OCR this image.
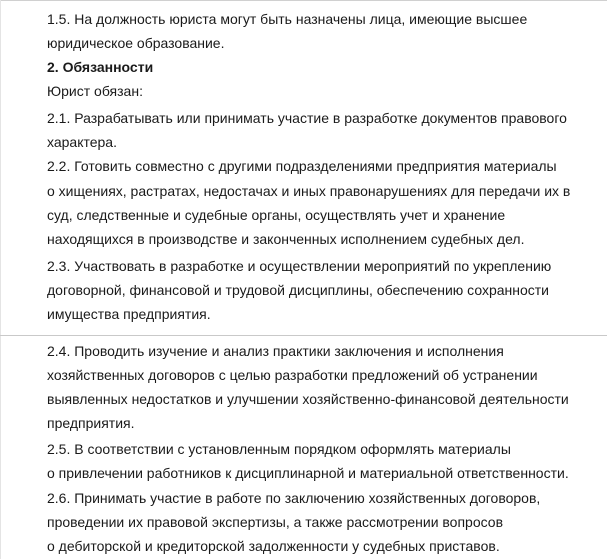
1.5. На должность юриста могут быть назначены лица, имеющие высшее
юридическое образование.
2. Обязанности
Юрист обязан:
2.1. Разрабатывать или принимать участие в разработке документов правового
характера.
2.2. Готовить совместно с другими подразделениями предприятия материалы
о хищениях, растратах, недостачах и иных правонарушениях для передачи их в
суд, следственные и судебные органы, осуществлять учет и хранение
находящихся в производстве и законченных исполнением судебных дел.
2.3. Участвовать в разработке и осуществлении мероприятий по укреплению
договорной, финансовой и трудовой дисциплины, обеспечению сохранности
имущества предприятия.
2.4. Проводить изучение и анализ практики заключения и исполнения
хозяйственных договоров с целью разработки предложений об устранении
выявленных недостатков и улучшении хозяйственно-финансовой деятельности
предприятия.
2.5. В соответствии с установленным порядком оформлять материалы
о привлечении работников к дисциплинарной и материальной ответственности.
2.6. Принимать участие в работе по заключению хозяйственных договоров,
проведении их правовой экспертизы, а также рассмотрении вопросов
о дебиторской и кредиторской задолженности у судебных приставов.
